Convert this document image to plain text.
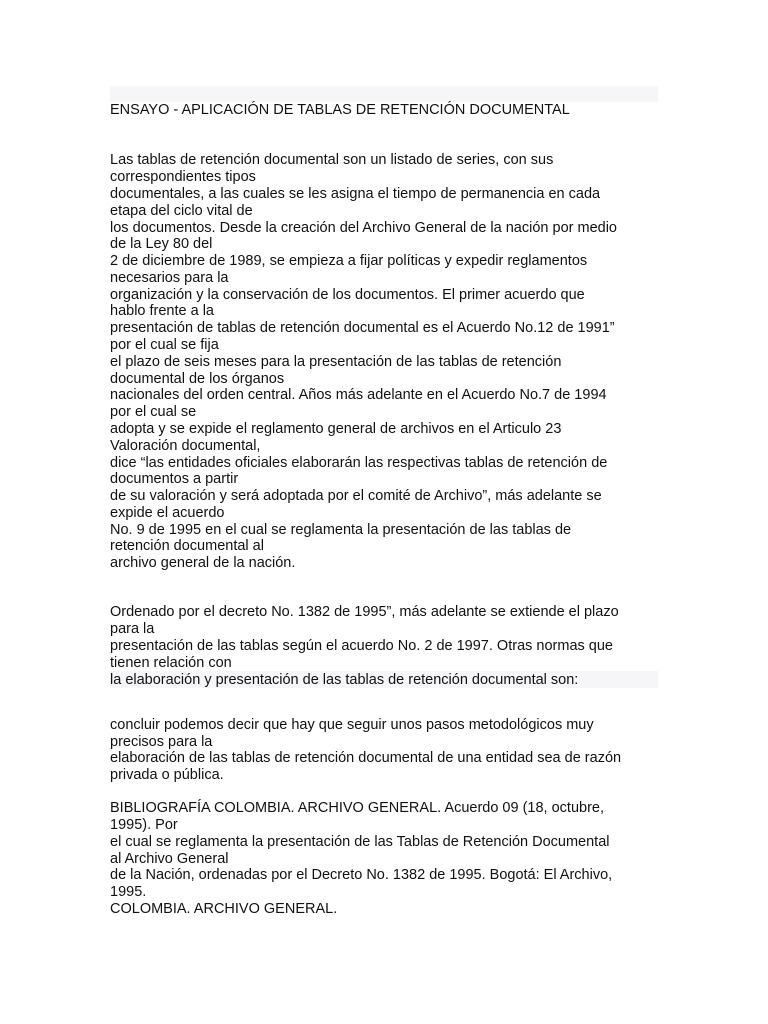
ENSAYO - APLICACIÓN DE TABLAS DE RETENCIÓN DOCUMENTAL
Las tablas de retención documental son un listado de series, con sus
correspondientes tipos
documentales, a las cuales se les asigna el tiempo de permanencia en cada
etapa del ciclo vital de
los documentos. Desde la creación del Archivo General de la nación por medio
de la Ley 80 del
2 de diciembre de 1989, se empieza a fijar políticas y expedir reglamentos
necesarios para la
organización y la conservación de los documentos. El primer acuerdo que
hablo frente a la
presentación de tablas de retención documental es el Acuerdo No.12 de 1991”
por el cual se fija
el plazo de seis meses para la presentación de las tablas de retención
documental de los órganos
nacionales del orden central. Años más adelante en el Acuerdo No.7 de 1994
por el cual se
adopta y se expide el reglamento general de archivos en el Articulo 23
Valoración documental,
dice “las entidades oficiales elaborarán las respectivas tablas de retención de
documentos a partir
de su valoración y será adoptada por el comité de Archivo”, más adelante se
expide el acuerdo
No. 9 de 1995 en el cual se reglamenta la presentación de las tablas de
retención documental al
archivo general de la nación.
Ordenado por el decreto No. 1382 de 1995”, más adelante se extiende el plazo
para la
presentación de las tablas según el acuerdo No. 2 de 1997. Otras normas que
tienen relación con
la elaboración y presentación de las tablas de retención documental son:
concluir podemos decir que hay que seguir unos pasos metodológicos muy
precisos para la
elaboración de las tablas de retención documental de una entidad sea de razón
privada o pública.
BIBLIOGRAFÍA COLOMBIA. ARCHIVO GENERAL. Acuerdo 09 (18, octubre,
1995). Por
el cual se reglamenta la presentación de las Tablas de Retención Documental
al Archivo General
de la Nación, ordenadas por el Decreto No. 1382 de 1995. Bogotá: El Archivo,
1995.
COLOMBIA. ARCHIVO GENERAL.
